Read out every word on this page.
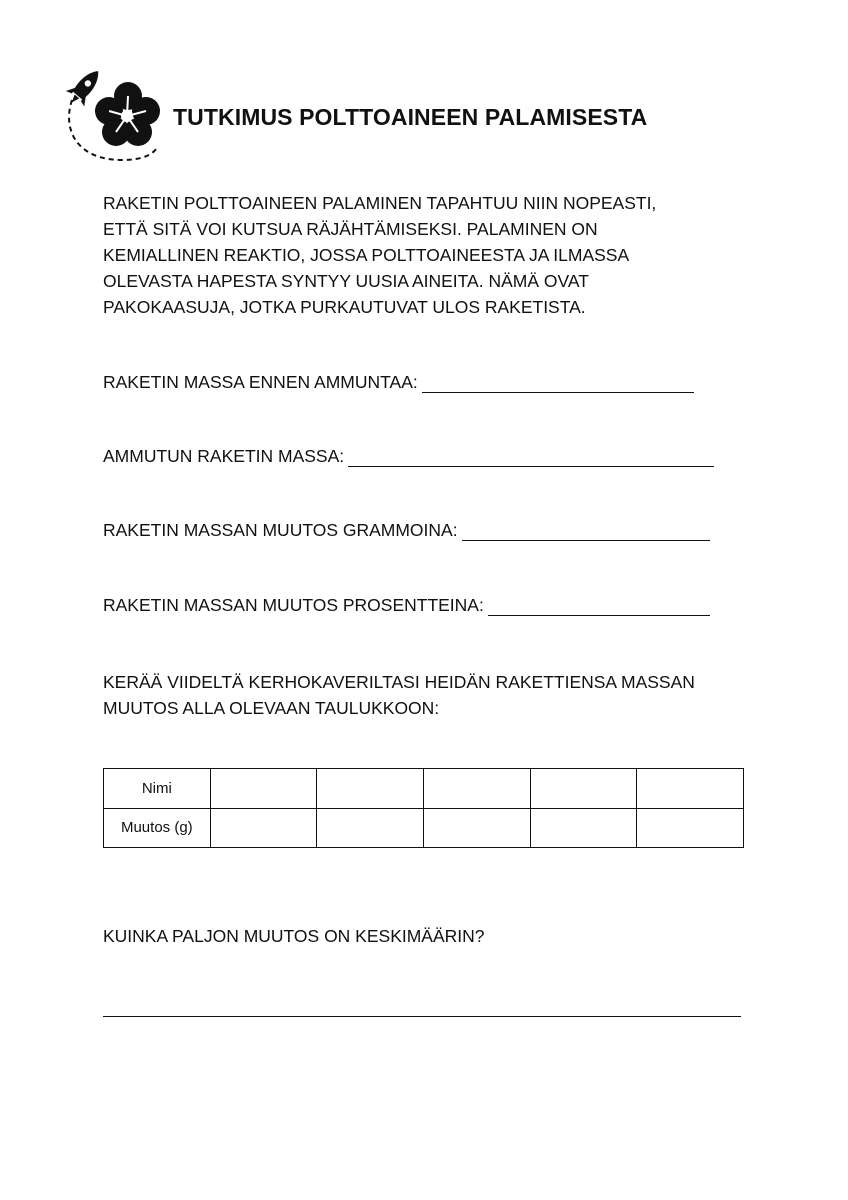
TUTKIMUS POLTTOAINEEN PALAMISESTA
RAKETIN POLTTOAINEEN PALAMINEN TAPAHTUU NIIN NOPEASTI,
ETTÄ SITÄ VOI KUTSUA RÄJÄHTÄMISEKSI. PALAMINEN ON
KEMIALLINEN REAKTIO, JOSSA POLTTOAINEESTA JA ILMASSA
OLEVASTA HAPESTA SYNTYY UUSIA AINEITA. NÄMÄ OVAT
PAKOKAASUJA, JOTKA PURKAUTUVAT ULOS RAKETISTA.
RAKETIN MASSA ENNEN AMMUNTAA:
AMMUTUN RAKETIN MASSA:
RAKETIN MASSAN MUUTOS GRAMMOINA:
RAKETIN MASSAN MUUTOS PROSENTTEINA:
KERÄÄ VIIDELTÄ KERHOKAVERILTASI HEIDÄN RAKETTIENSA MASSAN
MUUTOS ALLA OLEVAAN TAULUKKOON:
Nimi					
Muutos (g)					
KUINKA PALJON MUUTOS ON KESKIMÄÄRIN?
